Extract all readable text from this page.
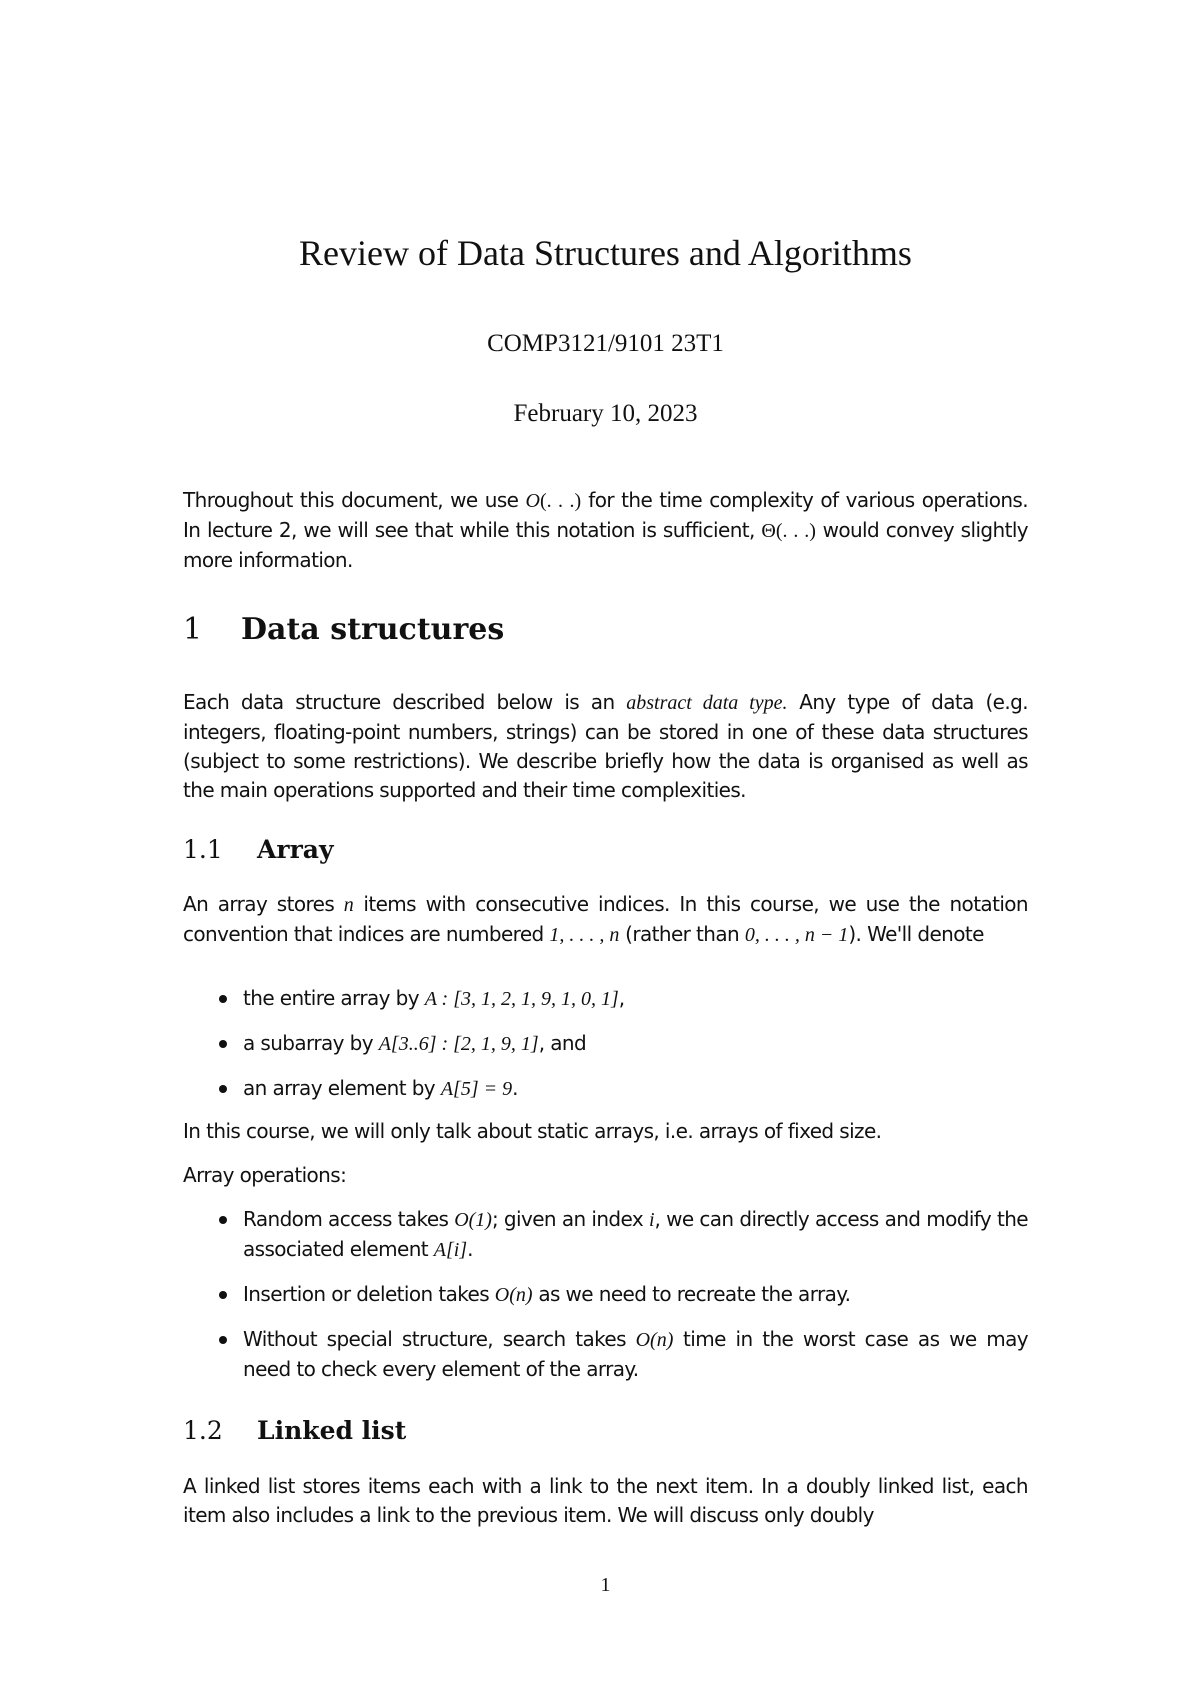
Review of Data Structures and Algorithms
COMP3121/9101 23T1
February 10, 2023

Throughout this document, we use O(. . .) for the time complexity of various operations. In lecture 2, we will see that while this notation is sufficient, Θ(. . .) would convey slightly more information.

1 Data structures

Each data structure described below is an abstract data type. Any type of data (e.g. integers, floating-point numbers, strings) can be stored in one of these data structures (subject to some restrictions). We describe briefly how the data is organised as well as the main operations supported and their time complexities.

1.1 Array

An array stores n items with consecutive indices. In this course, we use the notation convention that indices are numbered 1, . . . , n (rather than 0, . . . , n − 1). We'll denote

the entire array by A : [3, 1, 2, 1, 9, 1, 0, 1],
a subarray by A[3..6] : [2, 1, 9, 1], and
an array element by A[5] = 9.

In this course, we will only talk about static arrays, i.e. arrays of fixed size.

Array operations:

Random access takes O(1); given an index i, we can directly access and modify the associated element A[i].
Insertion or deletion takes O(n) as we need to recreate the array.
Without special structure, search takes O(n) time in the worst case as we may need to check every element of the array.
1.2 Linked list

A linked list stores items each with a link to the next item. In a doubly linked list, each item also includes a link to the previous item. We will discuss only doubly

1
